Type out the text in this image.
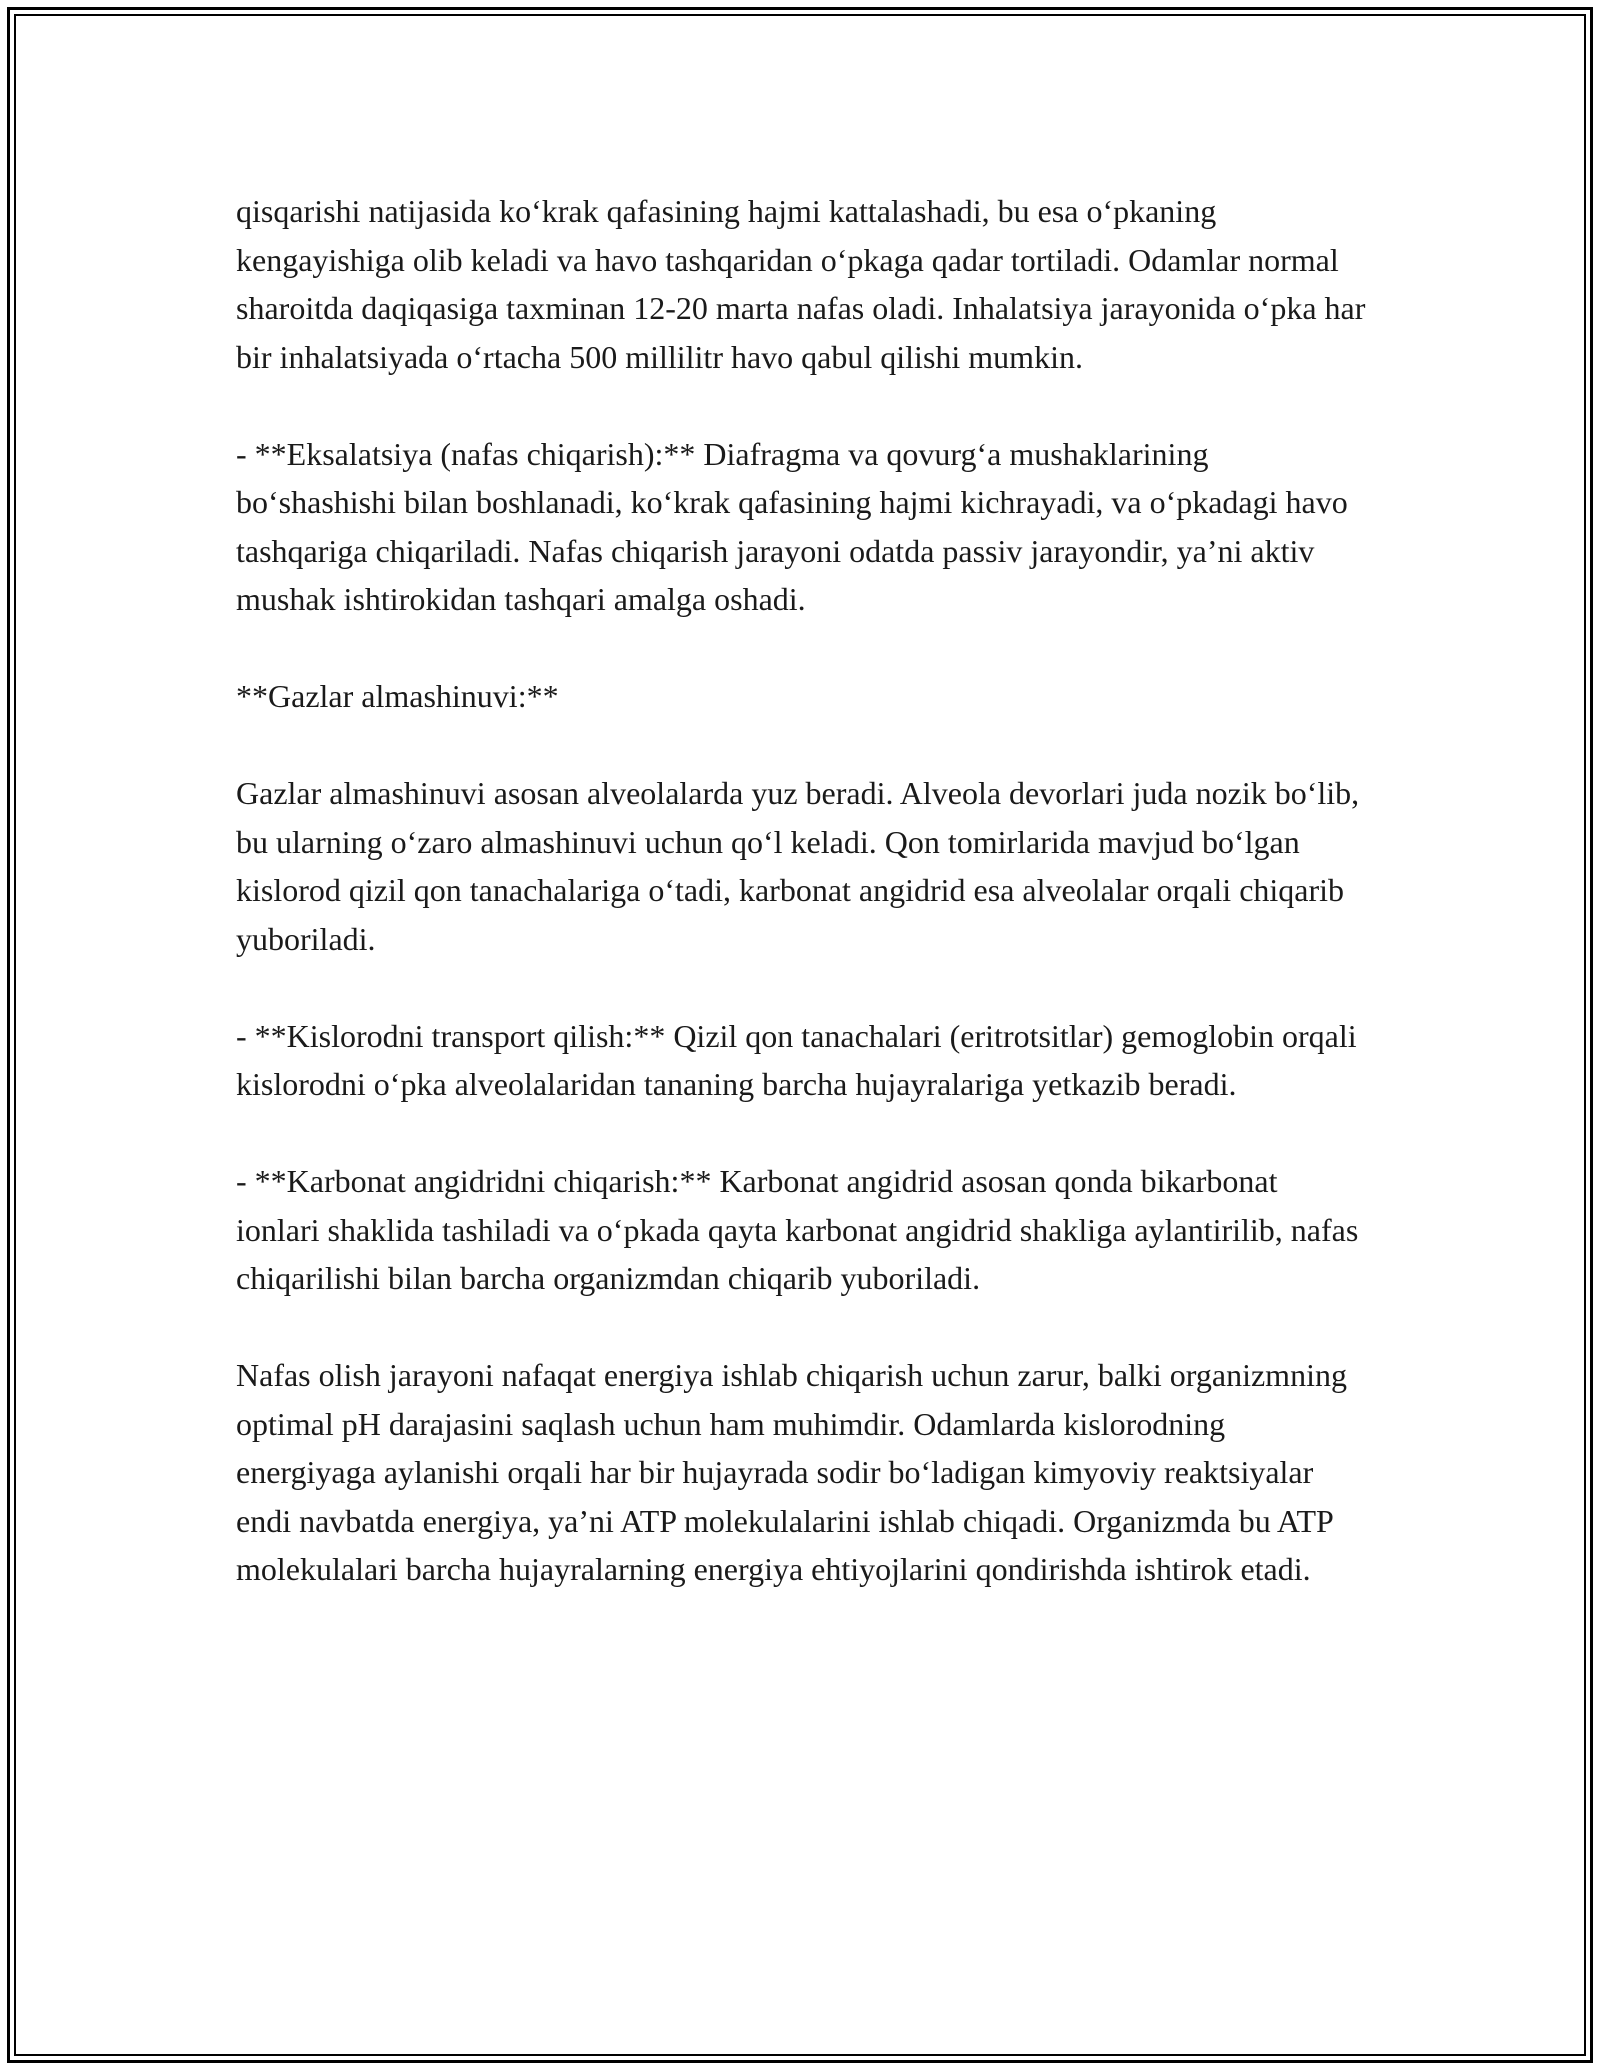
qisqarishi natijasida ko‘krak qafasining hajmi kattalashadi, bu esa o‘pkaning kengayishiga olib keladi va havo tashqaridan o‘pkaga qadar tortiladi. Odamlar normal sharoitda daqiqasiga taxminan 12-20 marta nafas oladi. Inhalatsiya jarayonida o‘pka har bir inhalatsiyada o‘rtacha 500 millilitr havo qabul qilishi mumkin.

- **Eksalatsiya (nafas chiqarish):** Diafragma va qovurg‘a mushaklarining bo‘shashishi bilan boshlanadi, ko‘krak qafasining hajmi kichrayadi, va o‘pkadagi havo tashqariga chiqariladi. Nafas chiqarish jarayoni odatda passiv jarayondir, ya’ni aktiv mushak ishtirokidan tashqari amalga oshadi.

**Gazlar almashinuvi:**

Gazlar almashinuvi asosan alveolalarda yuz beradi. Alveola devorlari juda nozik bo‘lib, bu ularning o‘zaro almashinuvi uchun qo‘l keladi. Qon tomirlarida mavjud bo‘lgan kislorod qizil qon tanachalariga o‘tadi, karbonat angidrid esa alveolalar orqali chiqarib yuboriladi.

- **Kislorodni transport qilish:** Qizil qon tanachalari (eritrotsitlar) gemoglobin orqali kislorodni o‘pka alveolalaridan tananing barcha hujayralariga yetkazib beradi.

- **Karbonat angidridni chiqarish:** Karbonat angidrid asosan qonda bikarbonat ionlari shaklida tashiladi va o‘pkada qayta karbonat angidrid shakliga aylantirilib, nafas chiqarilishi bilan barcha organizmdan chiqarib yuboriladi.

Nafas olish jarayoni nafaqat energiya ishlab chiqarish uchun zarur, balki organizmning optimal pH darajasini saqlash uchun ham muhimdir. Odamlarda kislorodning energiyaga aylanishi orqali har bir hujayrada sodir bo‘ladigan kimyoviy reaktsiyalar endi navbatda energiya, ya’ni ATP molekulalarini ishlab chiqadi. Organizmda bu ATP molekulalari barcha hujayralarning energiya ehtiyojlarini qondirishda ishtirok etadi.
